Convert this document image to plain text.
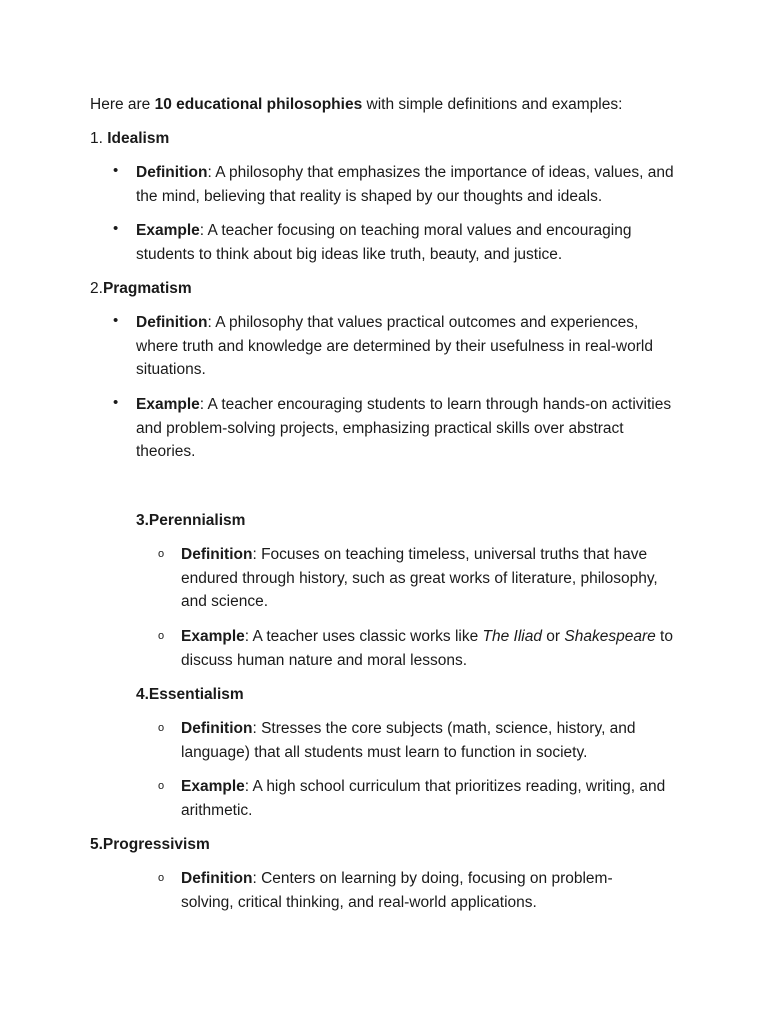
Here are 10 educational philosophies with simple definitions and examples:
1. Idealism
•	Definition: A philosophy that emphasizes the importance of ideas, values, and the mind, believing that reality is shaped by our thoughts and ideals.
•	Example: A teacher focusing on teaching moral values and encouraging students to think about big ideas like truth, beauty, and justice.
2.Pragmatism
•	Definition: A philosophy that values practical outcomes and experiences, where truth and knowledge are determined by their usefulness in real-world situations.
•	Example: A teacher encouraging students to learn through hands-on activities and problem-solving projects, emphasizing practical skills over abstract theories.
3.Perennialism
o Definition: Focuses on teaching timeless, universal truths that have endured through history, such as great works of literature, philosophy, and science.
o Example: A teacher uses classic works like The Iliad or Shakespeare to discuss human nature and moral lessons.
4.Essentialism
o Definition: Stresses the core subjects (math, science, history, and language) that all students must learn to function in society.
o Example: A high school curriculum that prioritizes reading, writing, and arithmetic.
5.Progressivism
o Definition: Centers on learning by doing, focusing on problem-solving, critical thinking, and real-world applications.
